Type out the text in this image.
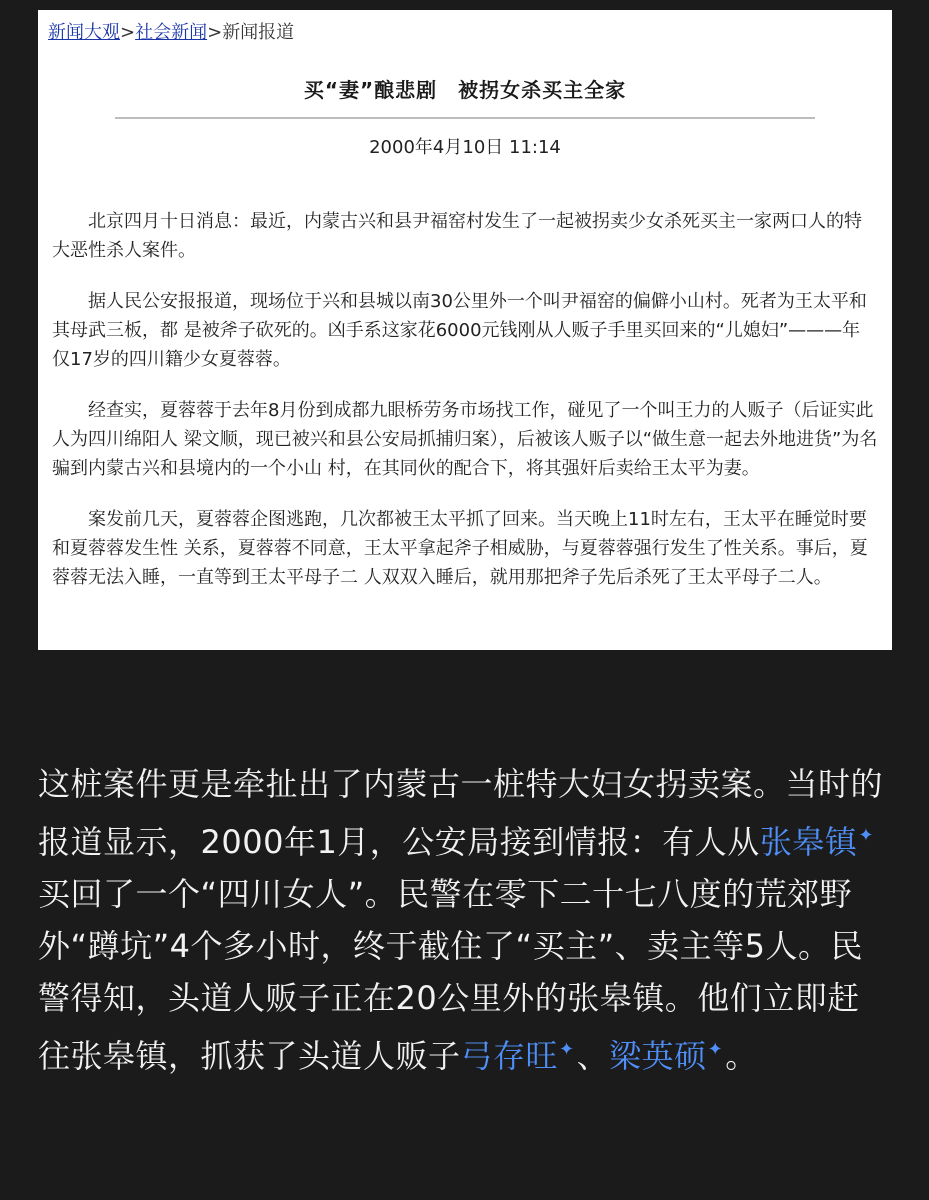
新闻大观>社会新闻>新闻报道
买“妻”酿悲剧　被拐女杀买主全家
2000年4月10日 11:14

北京四月十日消息：最近，内蒙古兴和县尹福窑村发生了一起被拐卖少女杀死买主一家两口人的特大恶性杀人案件。

据人民公安报报道，现场位于兴和县城以南30公里外一个叫尹福窑的偏僻小山村。死者为王太平和其母武三板，都 是被斧子砍死的。凶手系这家花6000元钱刚从人贩子手里买回来的“儿媳妇”———年仅17岁的四川籍少女夏蓉蓉。

经查实，夏蓉蓉于去年8月份到成都九眼桥劳务市场找工作，碰见了一个叫王力的人贩子（后证实此人为四川绵阳人 梁文顺，现已被兴和县公安局抓捕归案），后被该人贩子以“做生意一起去外地进货”为名骗到内蒙古兴和县境内的一个小山 村，在其同伙的配合下，将其强奸后卖给王太平为妻。

案发前几天，夏蓉蓉企图逃跑，几次都被王太平抓了回来。当天晚上11时左右，王太平在睡觉时要和夏蓉蓉发生性 关系，夏蓉蓉不同意，王太平拿起斧子相威胁，与夏蓉蓉强行发生了性关系。事后，夏蓉蓉无法入睡，一直等到王太平母子二 人双双入睡后，就用那把斧子先后杀死了王太平母子二人。

这桩案件更是牵扯出了内蒙古一桩特大妇女拐卖案。当时的报道显示，2000年1月，公安局接到情报：有人从张皋镇✦买回了一个“四川女人”。民警在零下二十七八度的荒郊野外“蹲坑”4个多小时，终于截住了“买主”、卖主等5人。民警得知，头道人贩子正在20公里外的张皋镇。他们立即赶往张皋镇，抓获了头道人贩子弓存旺✦、梁英硕✦。
